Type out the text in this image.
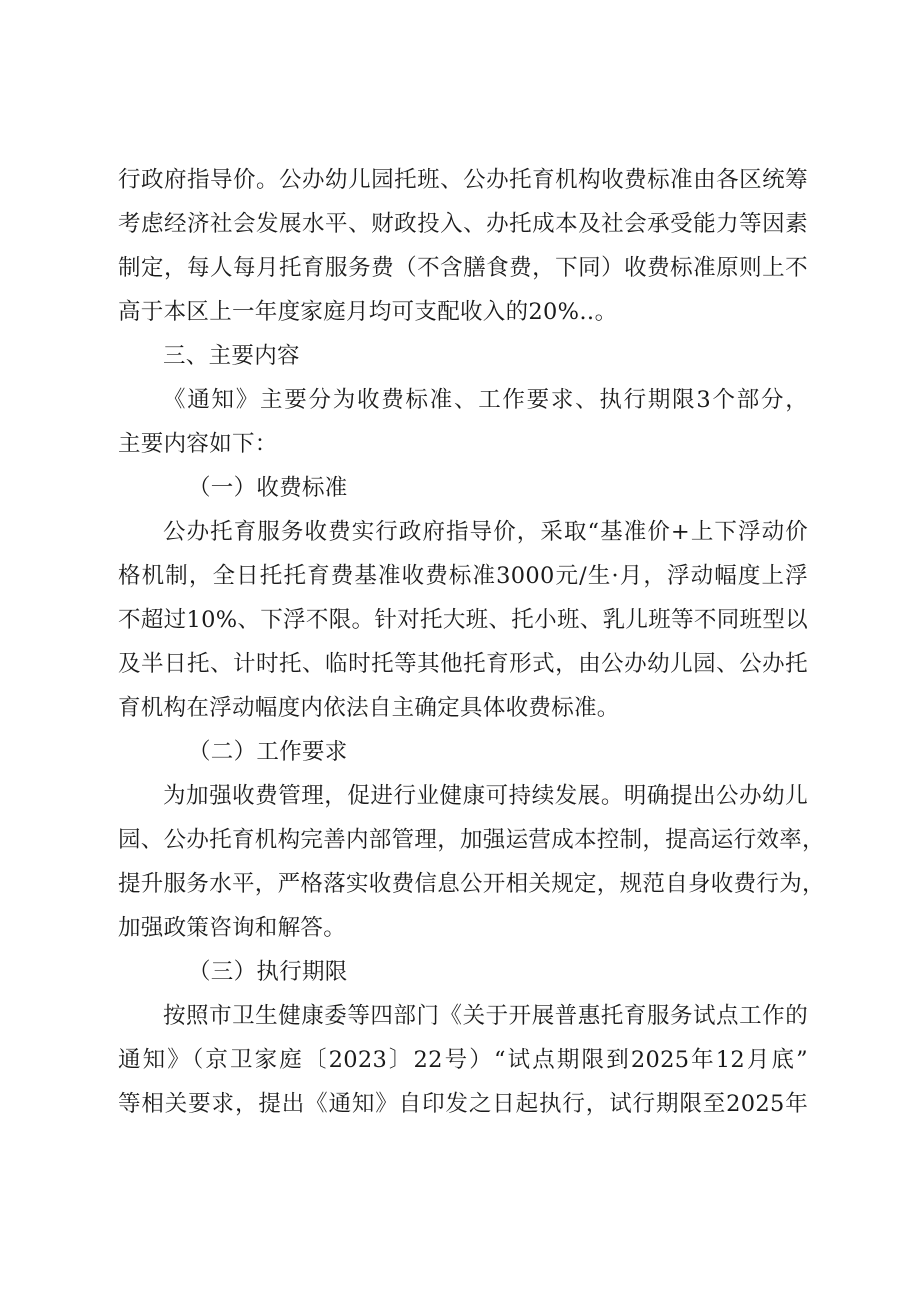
行政府指导价。公办幼儿园托班、公办托育机构收费标准由各区统筹

考虑经济社会发展水平、财政投入、办托成本及社会承受能力等因素

制定，每人每月托育服务费（不含膳食费，下同）收费标准原则上不

高于本区上一年度家庭月均可支配收入的20%‥。

三、主要内容

《通知》主要分为收费标准、工作要求、执行期限3个部分，

主要内容如下：

（一）收费标准

公办托育服务收费实行政府指导价，采取“基准价+上下浮动价

格机制，全日托托育费基准收费标准3000元/生·月，浮动幅度上浮

不超过10%、下浮不限。针对托大班、托小班、乳儿班等不同班型以

及半日托、计时托、临时托等其他托育形式，由公办幼儿园、公办托

育机构在浮动幅度内依法自主确定具体收费标准。

（二）工作要求

为加强收费管理，促进行业健康可持续发展。明确提出公办幼儿

园、公办托育机构完善内部管理，加强运营成本控制，提高运行效率，

提升服务水平，严格落实收费信息公开相关规定，规范自身收费行为，

加强政策咨询和解答。

（三）执行期限

按照市卫生健康委等四部门《关于开展普惠托育服务试点工作的

通知》（京卫家庭〔2023〕22号）“试点期限到2025年12月底”

等相关要求，提出《通知》自印发之日起执行，试行期限至2025年
